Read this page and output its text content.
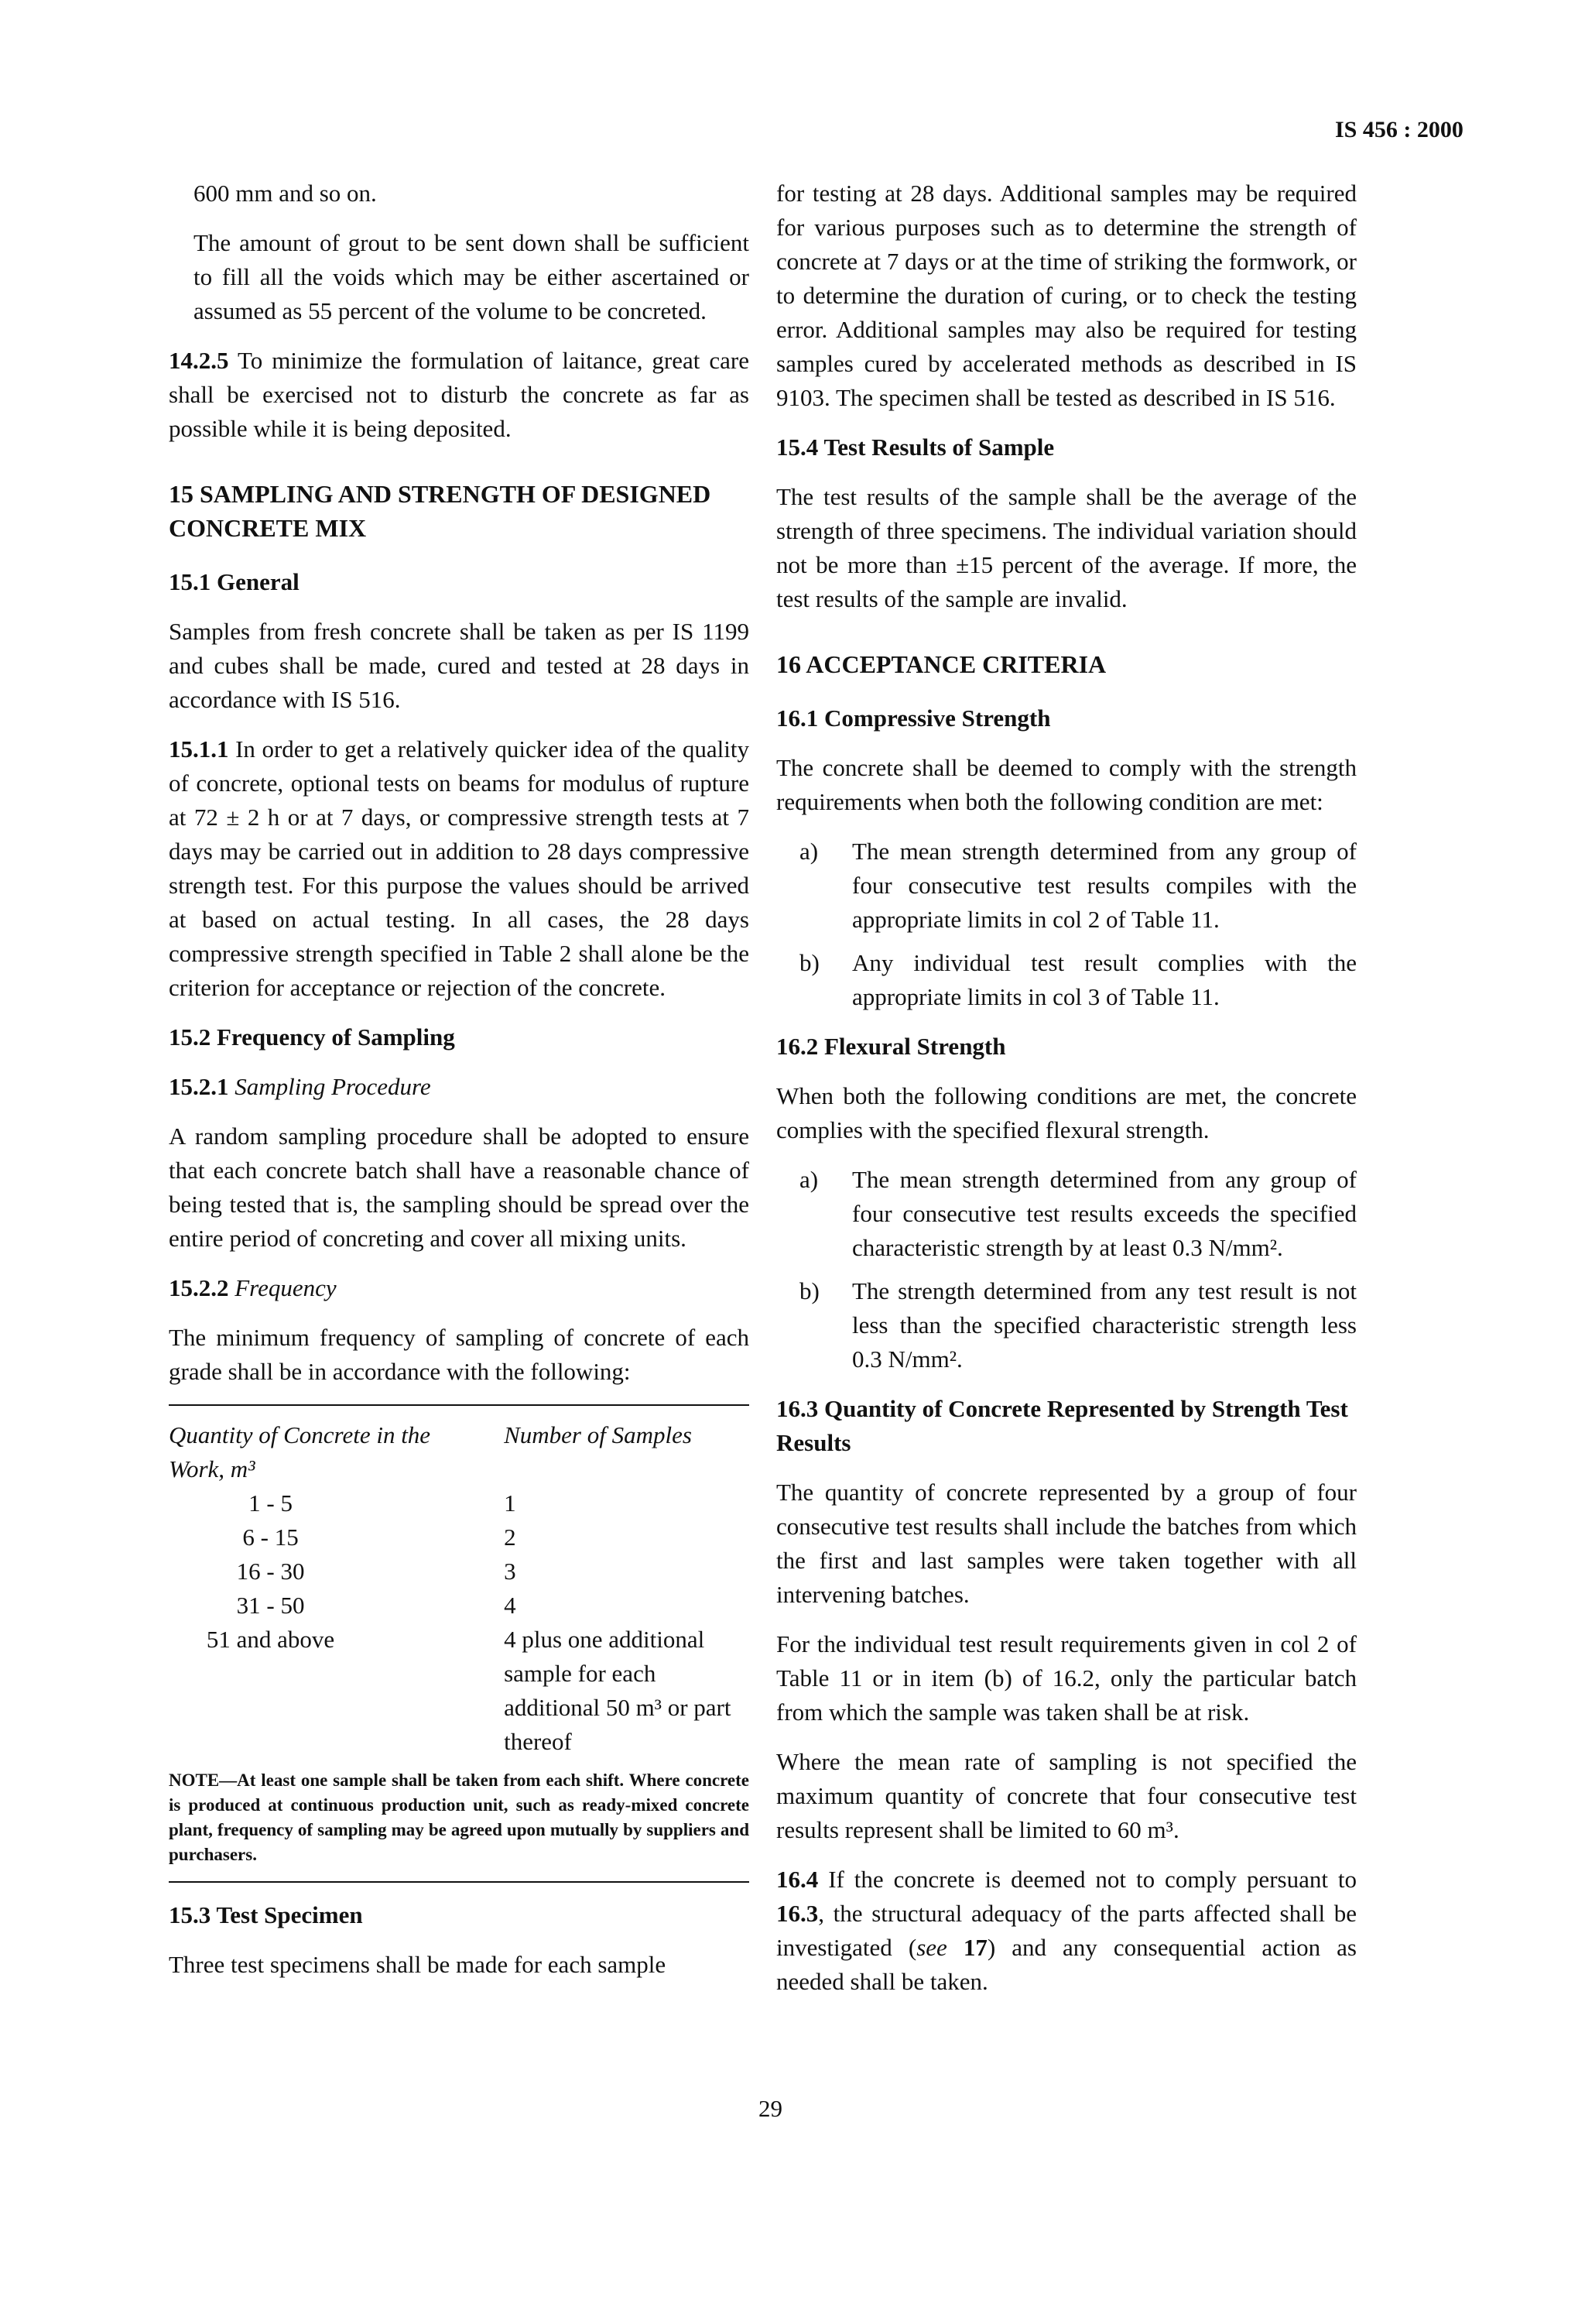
IS 456 : 2000

600 mm and so on.

The amount of grout to be sent down shall be sufficient to fill all the voids which may be either ascertained or assumed as 55 percent of the volume to be concreted.

14.2.5 To minimize the formulation of laitance, great care shall be exercised not to disturb the concrete as far as possible while it is being deposited.

15 SAMPLING AND STRENGTH OF DESIGNED CONCRETE MIX
15.1 General

Samples from fresh concrete shall be taken as per IS 1199 and cubes shall be made, cured and tested at 28 days in accordance with IS 516.

15.1.1 In order to get a relatively quicker idea of the quality of concrete, optional tests on beams for modulus of rupture at 72 ± 2 h or at 7 days, or compressive strength tests at 7 days may be carried out in addition to 28 days compressive strength test. For this purpose the values should be arrived at based on actual testing. In all cases, the 28 days compressive strength specified in Table 2 shall alone be the criterion for acceptance or rejection of the concrete.

15.2 Frequency of Sampling
15.2.1 Sampling Procedure

A random sampling procedure shall be adopted to ensure that each concrete batch shall have a reasonable chance of being tested that is, the sampling should be spread over the entire period of concreting and cover all mixing units.

15.2.2 Frequency

The minimum frequency of sampling of concrete of each grade shall be in accordance with the following:

Quantity of Concrete in the	Number of Samples
Work, m³	
1 - 5	1
6 - 15	2
16 - 30	3
31 - 50	4
51 and above	4 plus one additional sample for each additional 50 m³ or part thereof

NOTE—At least one sample shall be taken from each shift. Where concrete is produced at continuous production unit, such as ready-mixed concrete plant, frequency of sampling may be agreed upon mutually by suppliers and purchasers.

15.3 Test Specimen

Three test specimens shall be made for each sample

for testing at 28 days. Additional samples may be required for various purposes such as to determine the strength of concrete at 7 days or at the time of striking the formwork, or to determine the duration of curing, or to check the testing error. Additional samples may also be required for testing samples cured by accelerated methods as described in IS 9103. The specimen shall be tested as described in IS 516.

15.4 Test Results of Sample

The test results of the sample shall be the average of the strength of three specimens. The individual variation should not be more than ±15 percent of the average. If more, the test results of the sample are invalid.

16 ACCEPTANCE CRITERIA
16.1 Compressive Strength

The concrete shall be deemed to comply with the strength requirements when both the following condition are met:

a)	The mean strength determined from any group of four consecutive test results compiles with the appropriate limits in col 2 of Table 11.
b)	Any individual test result complies with the appropriate limits in col 3 of Table 11.
16.2 Flexural Strength

When both the following conditions are met, the concrete complies with the specified flexural strength.

a)	The mean strength determined from any group of four consecutive test results exceeds the specified characteristic strength by at least 0.3 N/mm².
b)	The strength determined from any test result is not less than the specified characteristic strength less 0.3 N/mm².
16.3 Quantity of Concrete Represented by Strength Test Results

The quantity of concrete represented by a group of four consecutive test results shall include the batches from which the first and last samples were taken together with all intervening batches.

For the individual test result requirements given in col 2 of Table 11 or in item (b) of 16.2, only the particular batch from which the sample was taken shall be at risk.

Where the mean rate of sampling is not specified the maximum quantity of concrete that four consecutive test results represent shall be limited to 60 m³.

16.4 If the concrete is deemed not to comply persuant to 16.3, the structural adequacy of the parts affected shall be investigated (see 17) and any consequential action as needed shall be taken.

29
